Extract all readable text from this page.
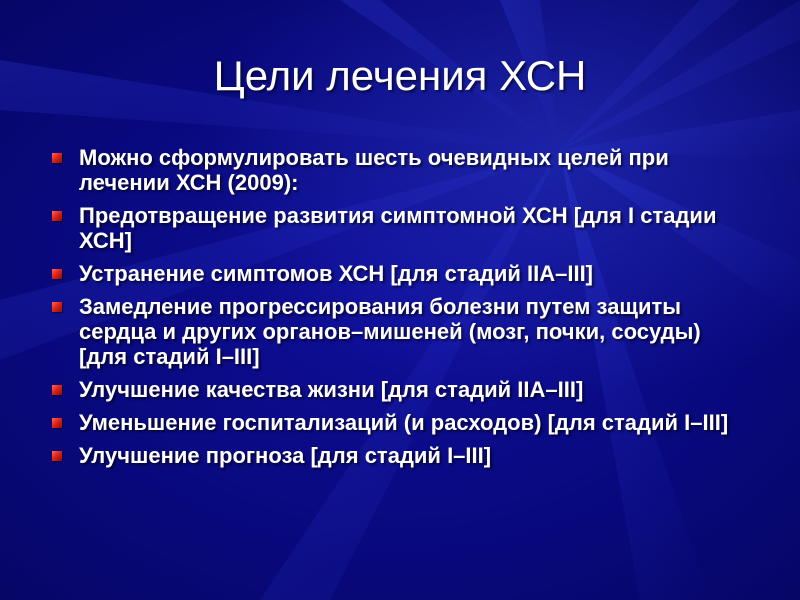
Цели лечения ХСН
Можно сформулировать шесть очевидных целей при лечении ХСН (2009):
Предотвращение развития симптомной ХСН [для I стадии ХСН]
Устранение симптомов ХСН [для стадий IIА–III]
Замедление прогрессирования болезни путем защиты сердца и других органов–мишеней (мозг, почки, сосуды) [для стадий I–III]
Улучшение качества жизни [для стадий IIА–III]
Уменьшение госпитализаций (и расходов) [для стадий I–III]
Улучшение прогноза [для стадий I–III]
